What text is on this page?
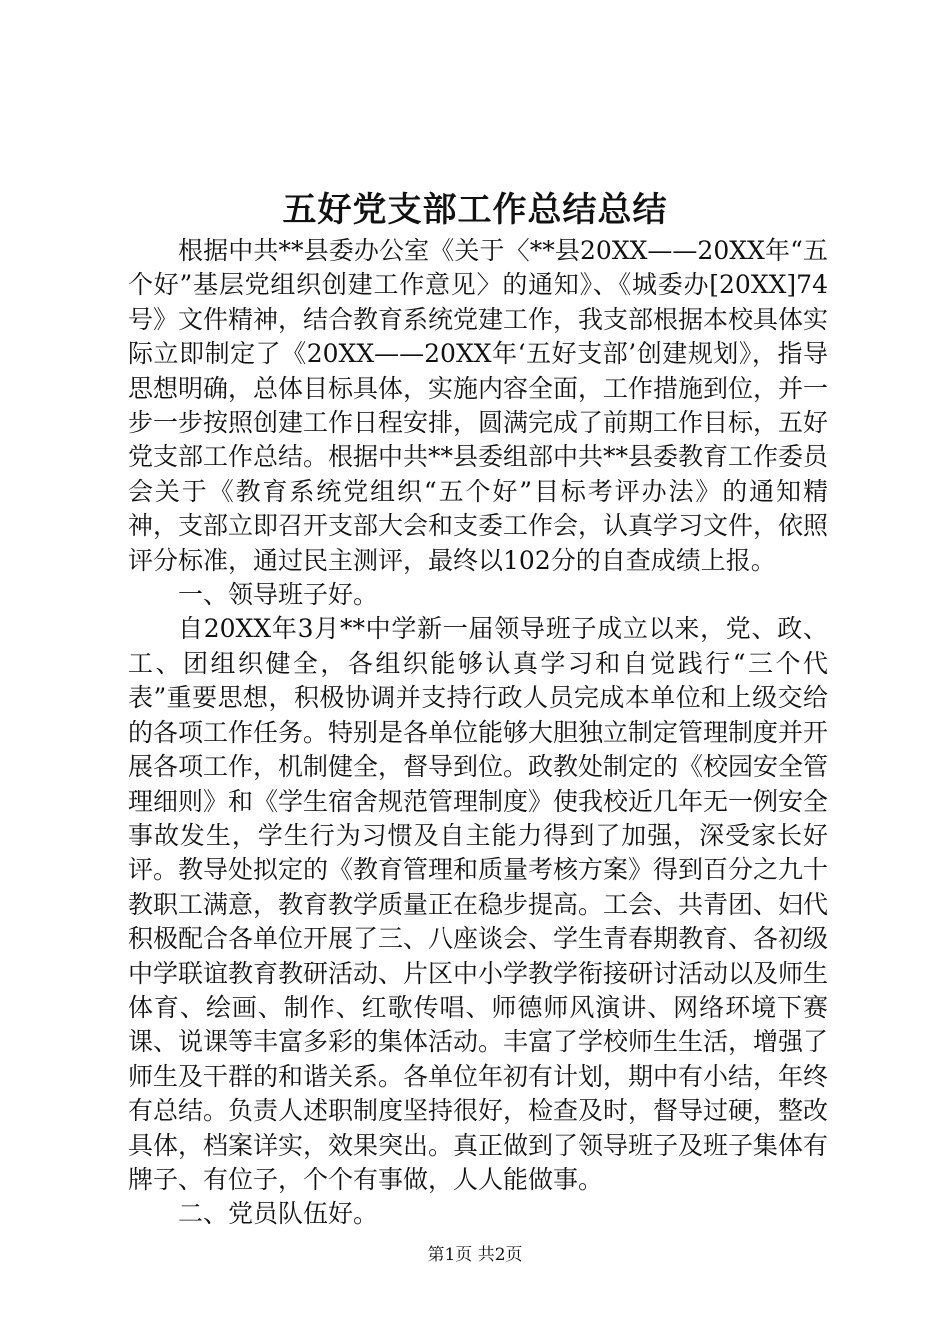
五好党支部工作总结总结

根据中共**县委办公室《关于〈**县20XX——20XX年“五个好”基层党组织创建工作意见〉的通知》、《城委办[20XX]74号》文件精神，结合教育系统党建工作，我支部根据本校具体实际立即制定了《20XX——20XX年‘五好支部’创建规划》，指导思想明确，总体目标具体，实施内容全面，工作措施到位，并一步一步按照创建工作日程安排，圆满完成了前期工作目标，五好党支部工作总结。根据中共**县委组部中共**县委教育工作委员会关于《教育系统党组织“五个好”目标考评办法》的通知精神，支部立即召开支部大会和支委工作会，认真学习文件，依照评分标准，通过民主测评，最终以102分的自查成绩上报。

一、领导班子好。

自20XX年3月**中学新一届领导班子成立以来，党、政、工、团组织健全，各组织能够认真学习和自觉践行“三个代表”重要思想，积极协调并支持行政人员完成本单位和上级交给的各项工作任务。特别是各单位能够大胆独立制定管理制度并开展各项工作，机制健全，督导到位。政教处制定的《校园安全管理细则》和《学生宿舍规范管理制度》使我校近几年无一例安全事故发生，学生行为习惯及自主能力得到了加强，深受家长好评。教导处拟定的《教育管理和质量考核方案》得到百分之九十教职工满意，教育教学质量正在稳步提高。工会、共青团、妇代积极配合各单位开展了三、八座谈会、学生青春期教育、各初级中学联谊教育教研活动、片区中小学教学衔接研讨活动以及师生体育、绘画、制作、红歌传唱、师德师风演讲、网络环境下赛课、说课等丰富多彩的集体活动。丰富了学校师生生活，增强了师生及干群的和谐关系。各单位年初有计划，期中有小结，年终有总结。负责人述职制度坚持很好，检查及时，督导过硬，整改具体，档案详实，效果突出。真正做到了领导班子及班子集体有牌子、有位子，个个有事做，人人能做事。

二、党员队伍好。

第1页 共2页
